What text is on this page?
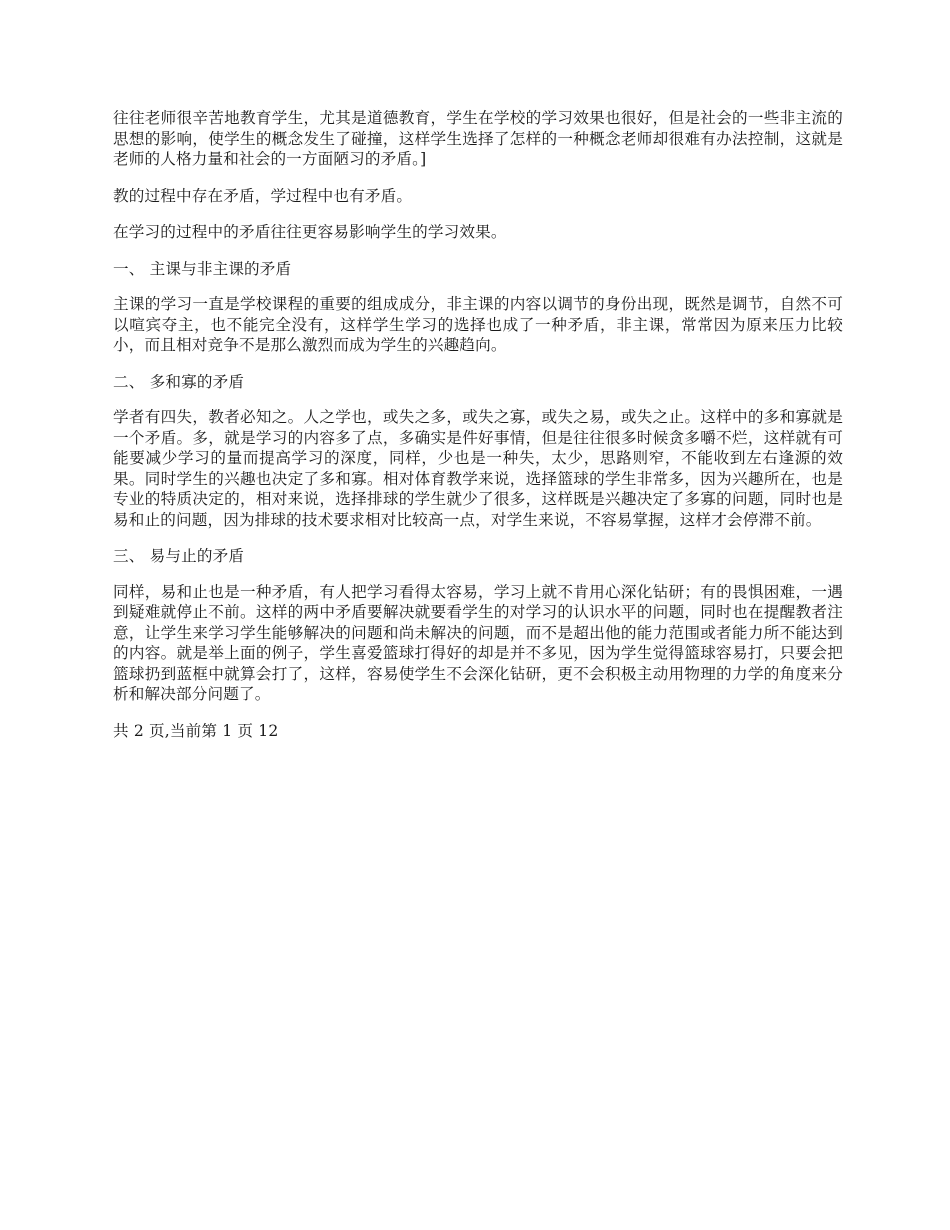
往往老师很辛苦地教育学生，尤其是道德教育，学生在学校的学习效果也很好，但是社会的一些非主流的思想的影响，使学生的概念发生了碰撞，这样学生选择了怎样的一种概念老师却很难有办法控制，这就是老师的人格力量和社会的一方面陋习的矛盾。]

教的过程中存在矛盾，学过程中也有矛盾。

在学习的过程中的矛盾往往更容易影响学生的学习效果。

一、 主课与非主课的矛盾

主课的学习一直是学校课程的重要的组成成分，非主课的内容以调节的身份出现，既然是调节，自然不可以喧宾夺主，也不能完全没有，这样学生学习的选择也成了一种矛盾，非主课，常常因为原来压力比较小，而且相对竞争不是那么激烈而成为学生的兴趣趋向。

二、 多和寡的矛盾

学者有四失，教者必知之。人之学也，或失之多，或失之寡，或失之易，或失之止。这样中的多和寡就是一个矛盾。多，就是学习的内容多了点，多确实是件好事情，但是往往很多时候贪多嚼不烂，这样就有可能要减少学习的量而提高学习的深度，同样，少也是一种失，太少，思路则窄，不能收到左右逢源的效果。同时学生的兴趣也决定了多和寡。相对体育教学来说，选择篮球的学生非常多，因为兴趣所在，也是专业的特质决定的，相对来说，选择排球的学生就少了很多，这样既是兴趣决定了多寡的问题，同时也是易和止的问题，因为排球的技术要求相对比较高一点，对学生来说，不容易掌握，这样才会停滞不前。

三、 易与止的矛盾

同样，易和止也是一种矛盾，有人把学习看得太容易，学习上就不肯用心深化钻研；有的畏惧困难，一遇到疑难就停止不前。这样的两中矛盾要解决就要看学生的对学习的认识水平的问题，同时也在提醒教者注意，让学生来学习学生能够解决的问题和尚未解决的问题，而不是超出他的能力范围或者能力所不能达到的内容。就是举上面的例子，学生喜爱篮球打得好的却是并不多见，因为学生觉得篮球容易打，只要会把篮球扔到蓝框中就算会打了，这样，容易使学生不会深化钻研，更不会积极主动用物理的力学的角度来分析和解决部分问题了。

共 2 页,当前第 1 页 12
